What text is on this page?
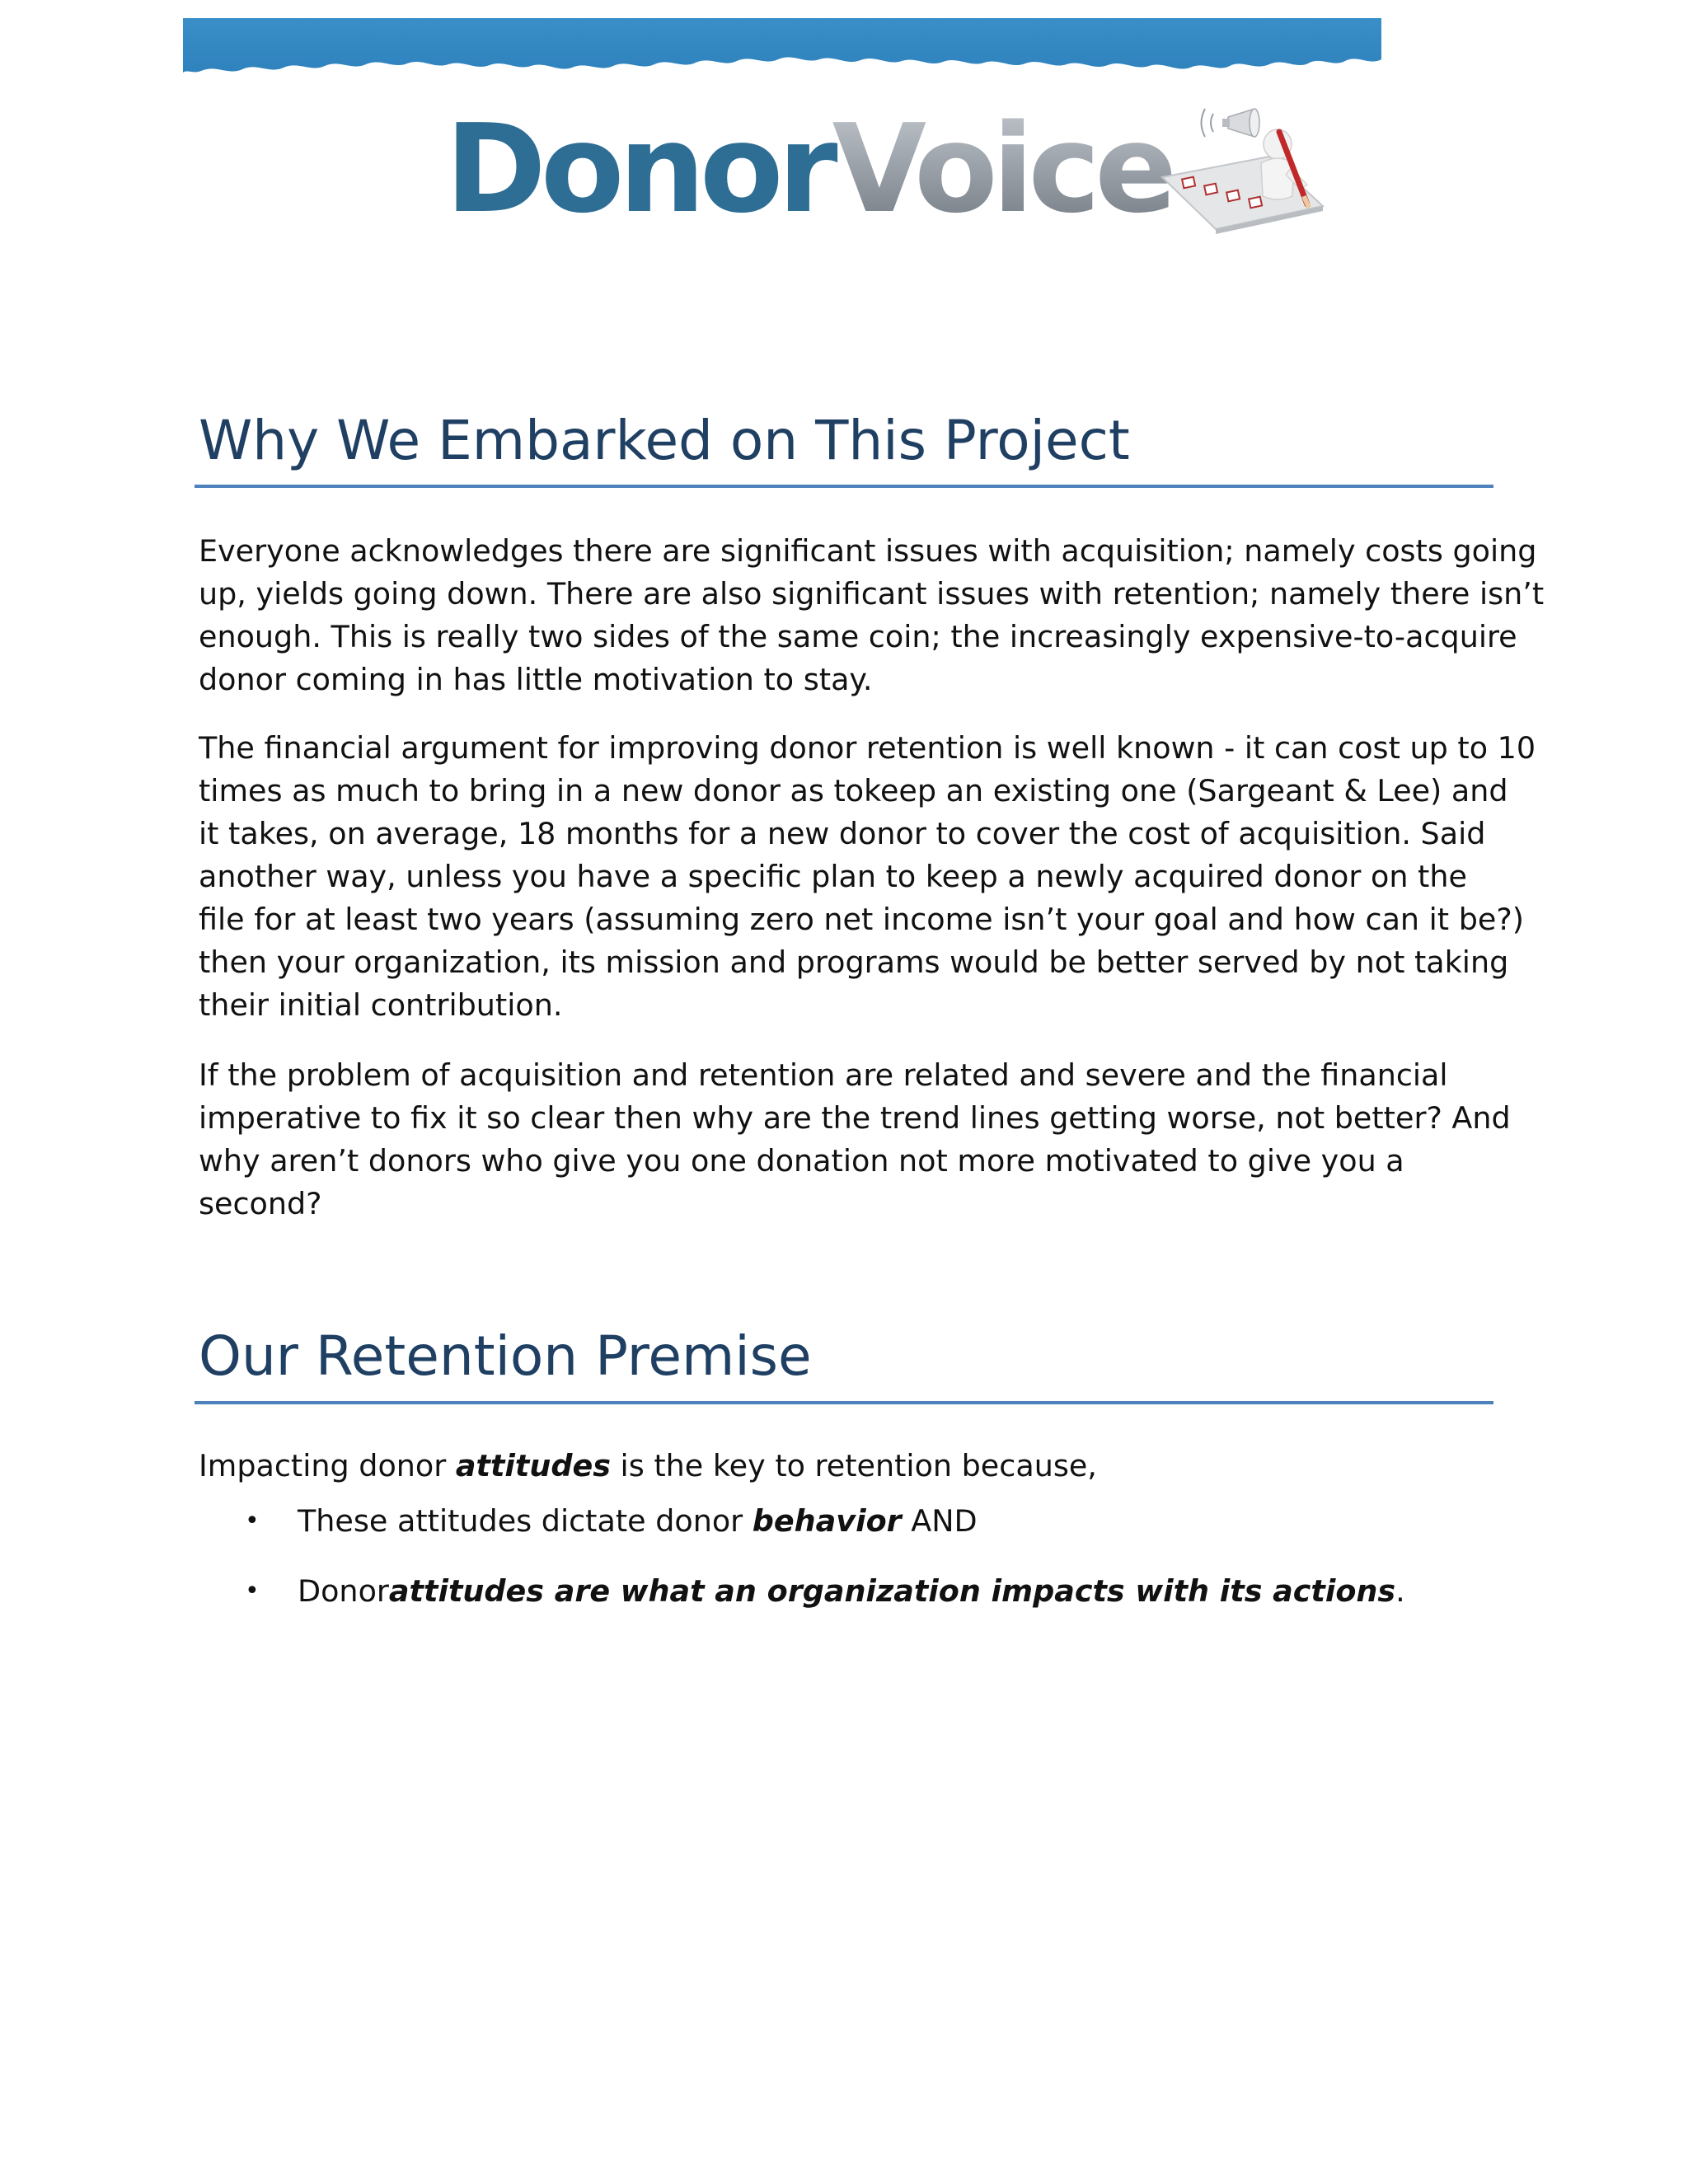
DonorVoice
Why We Embarked on This Project

Everyone acknowledges there are significant issues with acquisition; namely costs going
up, yields going down. There are also significant issues with retention; namely there isn’t
enough. This is really two sides of the same coin; the increasingly expensive-to-acquire
donor coming in has little motivation to stay.

The financial argument for improving donor retention is well known - it can cost up to 10
times as much to bring in a new donor as tokeep an existing one (Sargeant & Lee) and
it takes, on average, 18 months for a new donor to cover the cost of acquisition. Said
another way, unless you have a specific plan to keep a newly acquired donor on the
file for at least two years (assuming zero net income isn’t your goal and how can it be?)
then your organization, its mission and programs would be better served by not taking
their initial contribution.

If the problem of acquisition and retention are related and severe and the financial
imperative to fix it so clear then why are the trend lines getting worse, not better? And
why aren’t donors who give you one donation not more motivated to give you a
second?

Our Retention Premise

Impacting donor attitudes is the key to retention because,

• These attitudes dictate donor behavior AND
• Donorattitudes are what an organization impacts with its actions.
